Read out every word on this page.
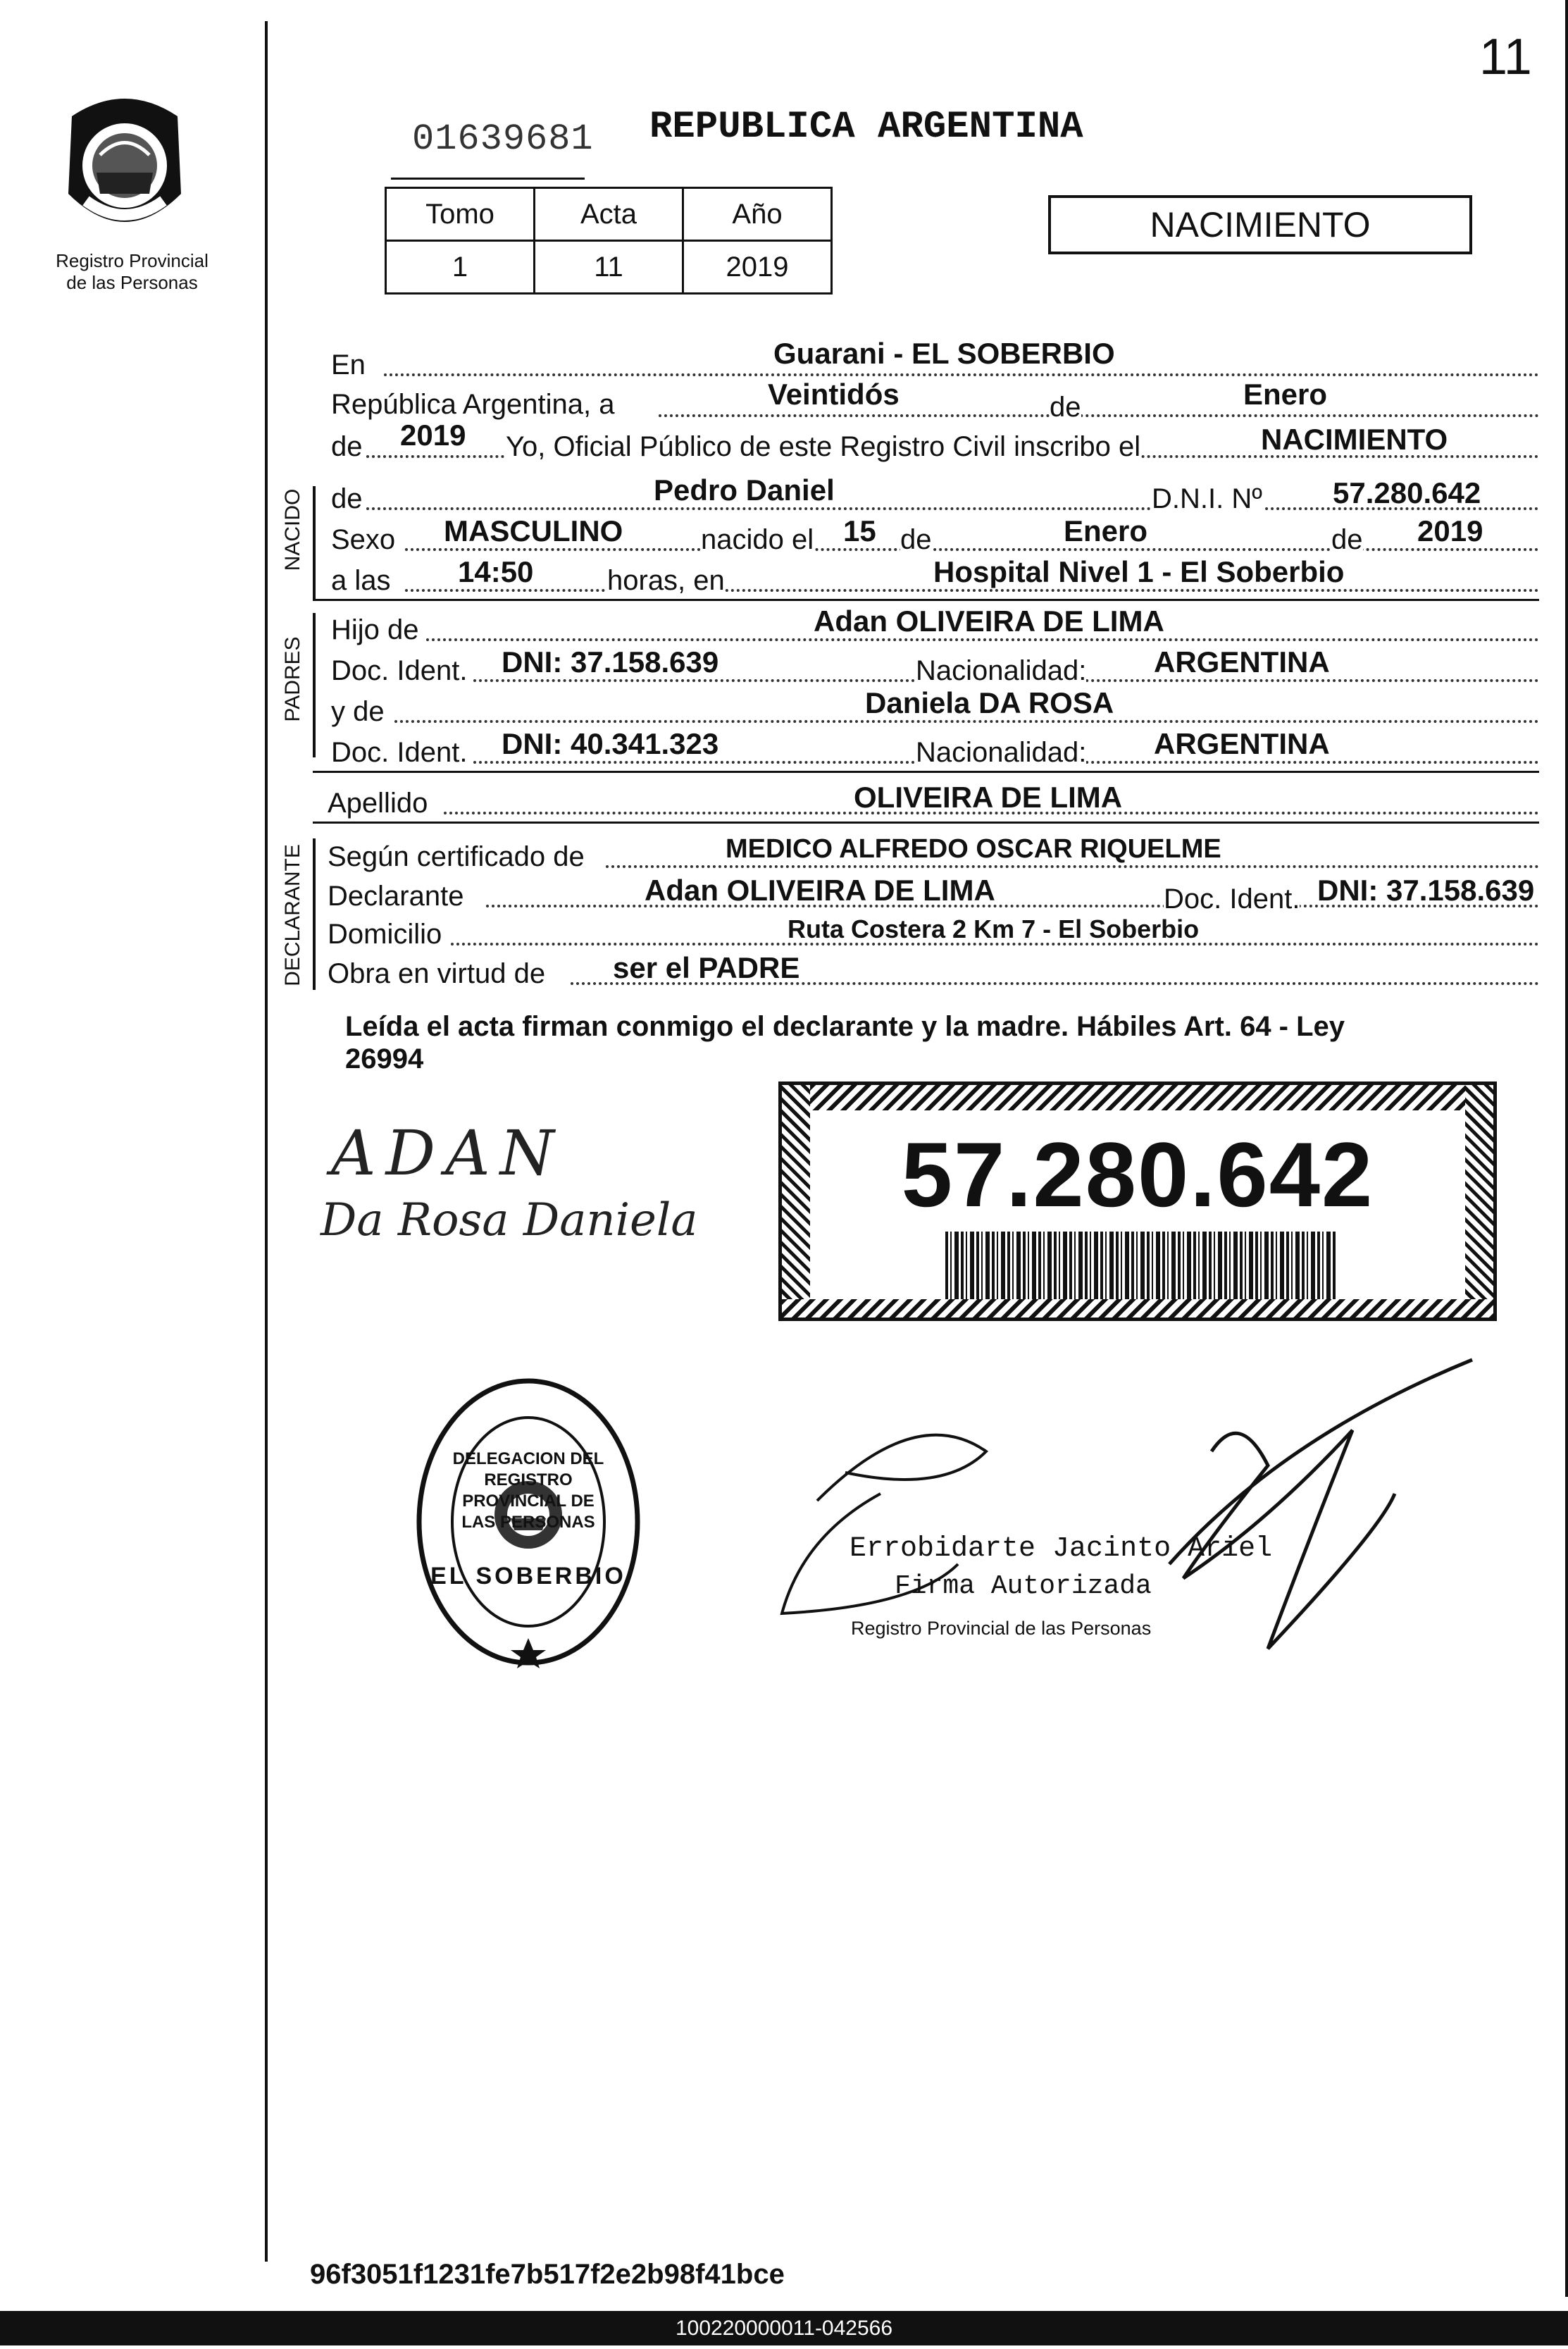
11
Registro Provincial
de las Personas
01639681 REPUBLICA ARGENTINA
Tomo	Acta	Año
1	11	2019
NACIMIENTO
En	Guarani - EL SOBERBIO
República Argentina, a	Veintidós	de	Enero
de 2019 Yo, Oficial Público de este Registro Civil inscribo el	NACIMIENTO
NACIDO de	Pedro Daniel	D.N.I. Nº 57.280.642
Sexo MASCULINO	nacido el 15 de	Enero	de 2019
a las 14:50	horas, en	Hospital Nivel 1 - El Soberbio
PADRES
Hijo de	Adan OLIVEIRA DE LIMA
Doc. Ident. DNI: 37.158.639	Nacionalidad: ARGENTINA
y de	Daniela DA ROSA
Doc. Ident. DNI: 40.341.323	Nacionalidad: ARGENTINA
Apellido	OLIVEIRA DE LIMA
DECLARANTE Según certificado de	MEDICO ALFREDO OSCAR RIQUELME
Declarante	Adan OLIVEIRA DE LIMA	Doc. Ident. DNI: 37.158.639
Domicilio	Ruta Costera 2 Km 7 - El Soberbio
Obra en virtud de ser el PADRE
Leída el acta firman conmigo el declarante y la madre. Hábiles Art. 64 - Ley
26994
ADAN
Da Rosa Daniela	57.280.642
DELEGACION DEL REGISTRO PROVINCIAL DE LAS PERSONAS
EL SOBERBIO
Errobidarte Jacinto Ariel
Firma Autorizada
Registro Provincial de las Personas
96f3051f1231fe7b517f2e2b98f41bce
100220000011-042566
